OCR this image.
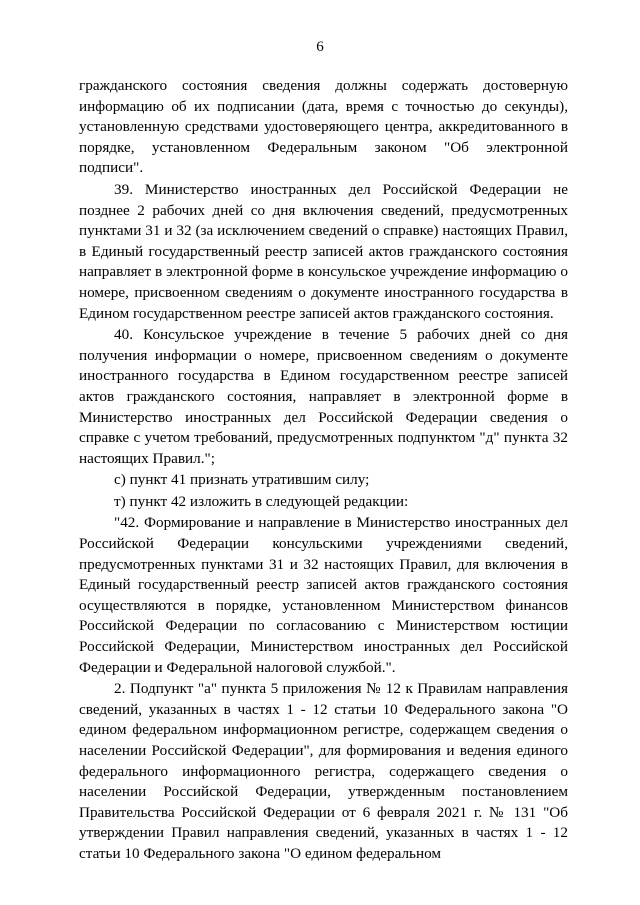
6

гражданского состояния сведения должны содержать достоверную информацию об их подписании (дата, время с точностью до секунды), установленную средствами удостоверяющего центра, аккредитованного в порядке, установленном Федеральным законом "Об электронной подписи".

39. Министерство иностранных дел Российской Федерации не позднее 2 рабочих дней со дня включения сведений, предусмотренных пунктами 31 и 32 (за исключением сведений о справке) настоящих Правил, в Единый государственный реестр записей актов гражданского состояния направляет в электронной форме в консульское учреждение информацию о номере, присвоенном сведениям о документе иностранного государства в Едином государственном реестре записей актов гражданского состояния.

40. Консульское учреждение в течение 5 рабочих дней со дня получения информации о номере, присвоенном сведениям о документе иностранного государства в Едином государственном реестре записей актов гражданского состояния, направляет в электронной форме в Министерство иностранных дел Российской Федерации сведения о справке с учетом требований, предусмотренных подпунктом "д" пункта 32 настоящих Правил.";

с) пункт 41 признать утратившим силу;

т) пункт 42 изложить в следующей редакции:

"42. Формирование и направление в Министерство иностранных дел Российской Федерации консульскими учреждениями сведений, предусмотренных пунктами 31 и 32 настоящих Правил, для включения в Единый государственный реестр записей актов гражданского состояния осуществляются в порядке, установленном Министерством финансов Российской Федерации по согласованию с Министерством юстиции Российской Федерации, Министерством иностранных дел Российской Федерации и Федеральной налоговой службой.".

2. Подпункт "а" пункта 5 приложения № 12 к Правилам направления сведений, указанных в частях 1 - 12 статьи 10 Федерального закона "О едином федеральном информационном регистре, содержащем сведения о населении Российской Федерации", для формирования и ведения единого федерального информационного регистра, содержащего сведения о населении Российской Федерации, утвержденным постановлением Правительства Российской Федерации от 6 февраля 2021 г. № 131 "Об утверждении Правил направления сведений, указанных в частях 1 - 12 статьи 10 Федерального закона "О едином федеральном
